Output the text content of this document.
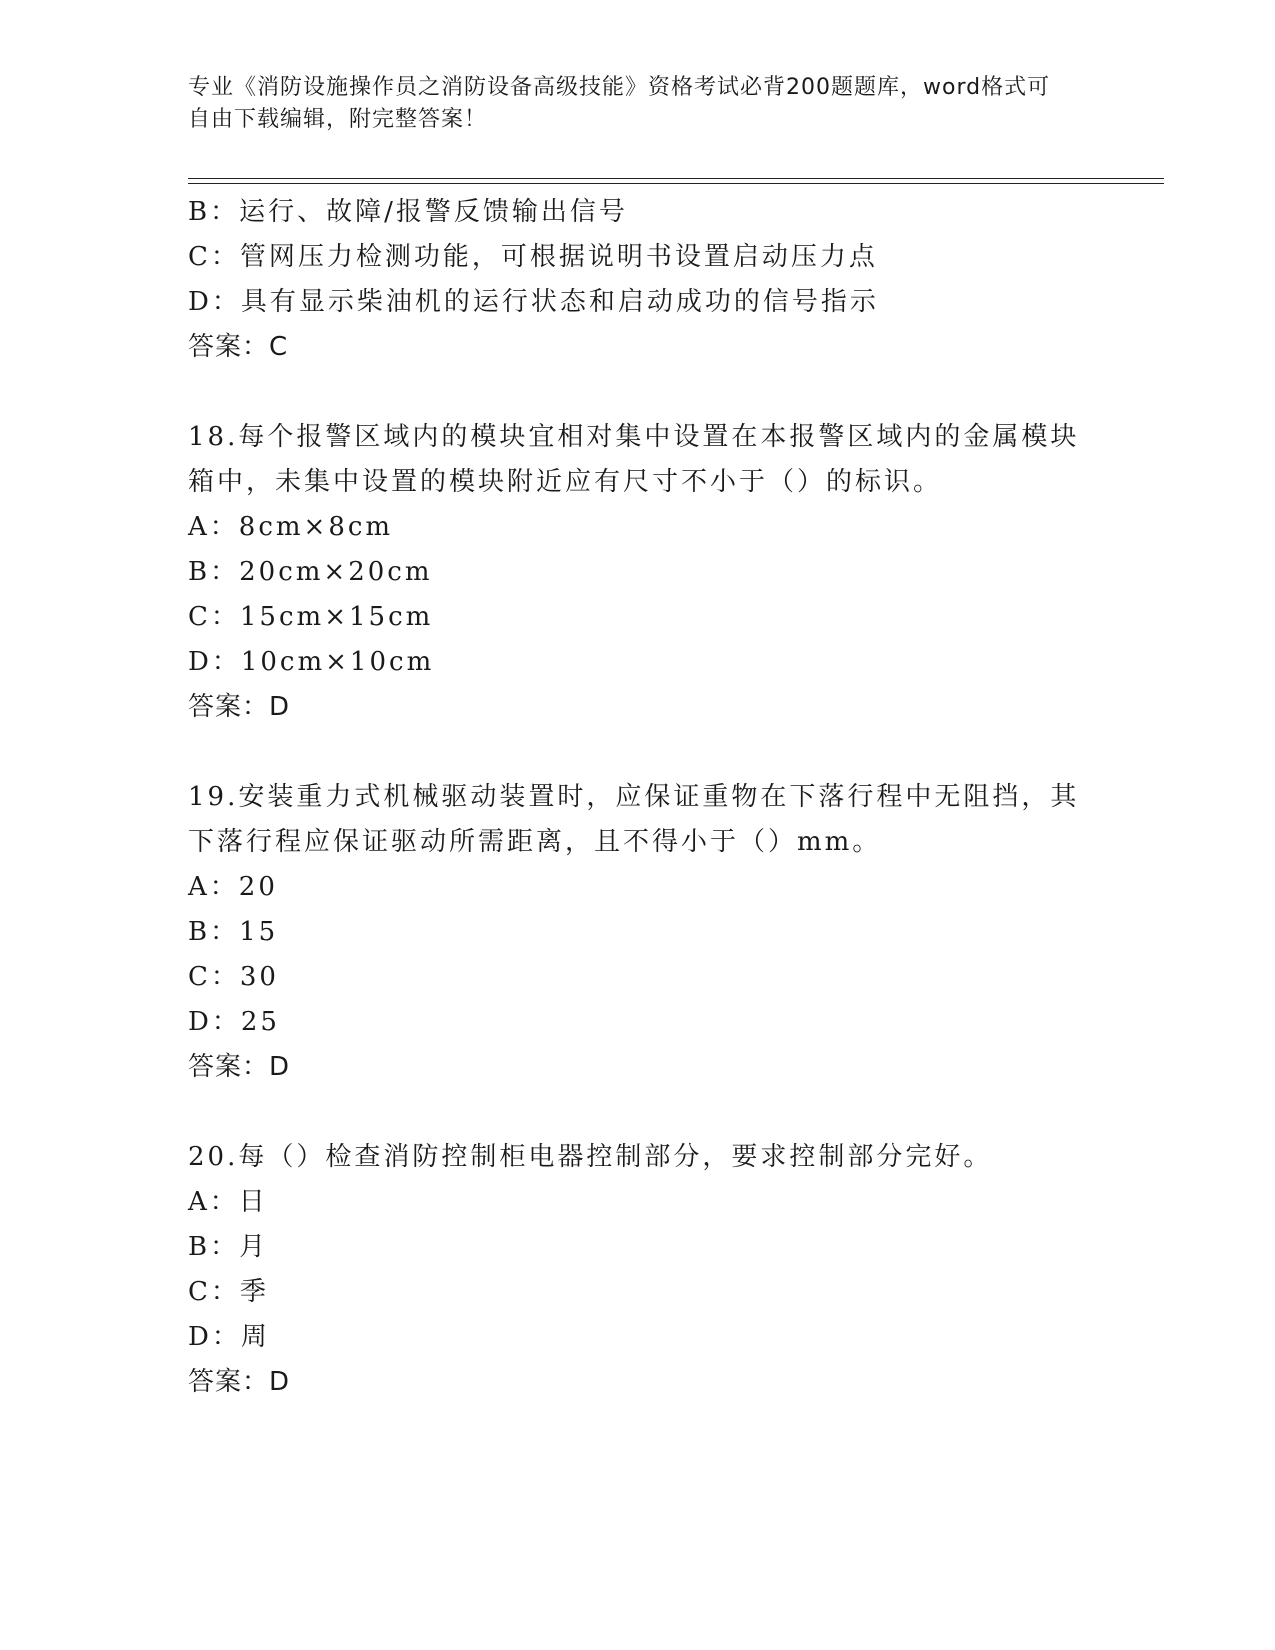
专业《消防设施操作员之消防设备高级技能》资格考试必背200题题库，word格式可自由下载编辑，附完整答案！
B：运行、故障/报警反馈输出信号
C：管网压力检测功能，可根据说明书设置启动压力点
D：具有显示柴油机的运行状态和启动成功的信号指示
答案：C
18.每个报警区域内的模块宜相对集中设置在本报警区域内的金属模块
箱中，未集中设置的模块附近应有尺寸不小于（）的标识。
A：8cm×8cm
B：20cm×20cm
C：15cm×15cm
D：10cm×10cm
答案：D
19.安装重力式机械驱动装置时，应保证重物在下落行程中无阻挡，其
下落行程应保证驱动所需距离，且不得小于（）mm。
A：20
B：15
C：30
D：25
答案：D
20.每（）检查消防控制柜电器控制部分，要求控制部分完好。
A：日
B：月
C：季
D：周
答案：D
